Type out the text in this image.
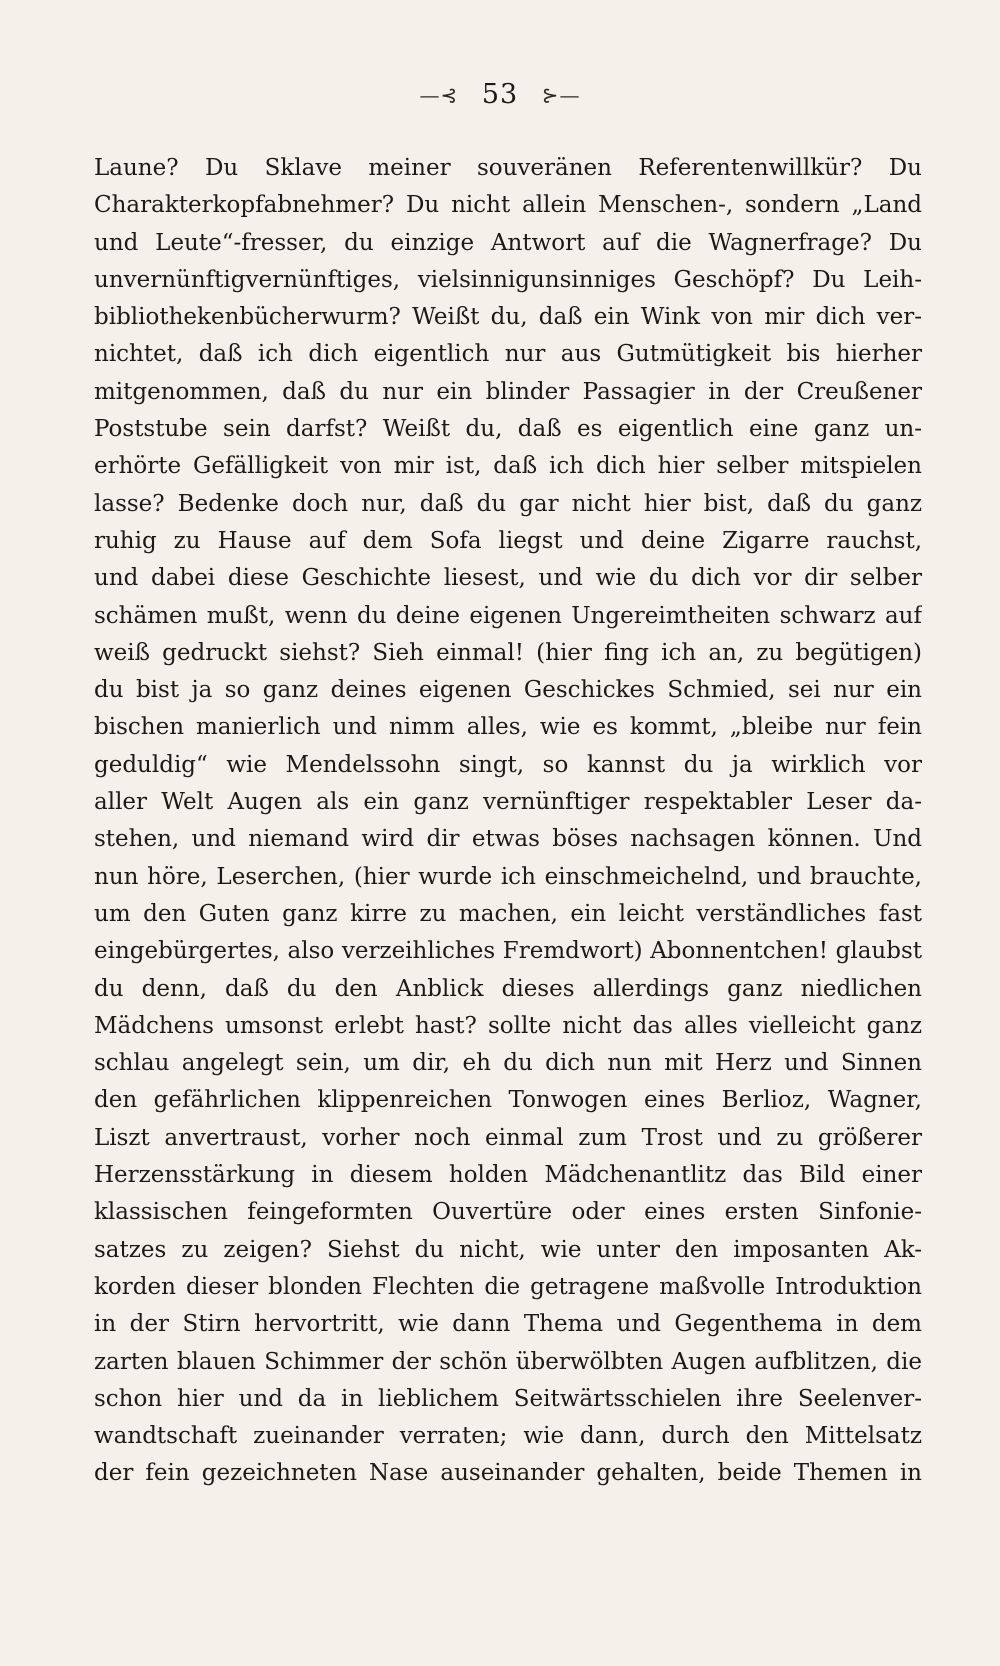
—⊰ 53 ⊱—
Laune? Du Sklave meiner souveränen Referentenwillkür? Du
Charakterkopfabnehmer? Du nicht allein Menschen-, sondern „Land
und Leute“-fresser, du einzige Antwort auf die Wagnerfrage? Du
unvernünftigvernünftiges, vielsinnigunsinniges Geschöpf? Du Leih-
bibliothekenbücherwurm? Weißt du, daß ein Wink von mir dich ver-
nichtet, daß ich dich eigentlich nur aus Gutmütigkeit bis hierher
mitgenommen, daß du nur ein blinder Passagier in der Creußener
Poststube sein darfst? Weißt du, daß es eigentlich eine ganz un-
erhörte Gefälligkeit von mir ist, daß ich dich hier selber mitspielen
lasse? Bedenke doch nur, daß du gar nicht hier bist, daß du ganz
ruhig zu Hause auf dem Sofa liegst und deine Zigarre rauchst,
und dabei diese Geschichte liesest, und wie du dich vor dir selber
schämen mußt, wenn du deine eigenen Ungereimtheiten schwarz auf
weiß gedruckt siehst? Sieh einmal! (hier fing ich an, zu begütigen)
du bist ja so ganz deines eigenen Geschickes Schmied, sei nur ein
bischen manierlich und nimm alles, wie es kommt, „bleibe nur fein
geduldig“ wie Mendelssohn singt, so kannst du ja wirklich vor
aller Welt Augen als ein ganz vernünftiger respektabler Leser da-
stehen, und niemand wird dir etwas böses nachsagen können. Und
nun höre, Leserchen, (hier wurde ich einschmeichelnd, und brauchte,
um den Guten ganz kirre zu machen, ein leicht verständliches fast
eingebürgertes, also verzeihliches Fremdwort) Abonnentchen! glaubst
du denn, daß du den Anblick dieses allerdings ganz niedlichen
Mädchens umsonst erlebt hast? sollte nicht das alles vielleicht ganz
schlau angelegt sein, um dir, eh du dich nun mit Herz und Sinnen
den gefährlichen klippenreichen Tonwogen eines Berlioz, Wagner,
Liszt anvertraust, vorher noch einmal zum Trost und zu größerer
Herzensstärkung in diesem holden Mädchenantlitz das Bild einer
klassischen feingeformten Ouvertüre oder eines ersten Sinfonie-
satzes zu zeigen? Siehst du nicht, wie unter den imposanten Ak-
korden dieser blonden Flechten die getragene maßvolle Introduktion
in der Stirn hervortritt, wie dann Thema und Gegenthema in dem
zarten blauen Schimmer der schön überwölbten Augen aufblitzen, die
schon hier und da in lieblichem Seitwärtsschielen ihre Seelenver-
wandtschaft zueinander verraten; wie dann, durch den Mittelsatz
der fein gezeichneten Nase auseinander gehalten, beide Themen in
